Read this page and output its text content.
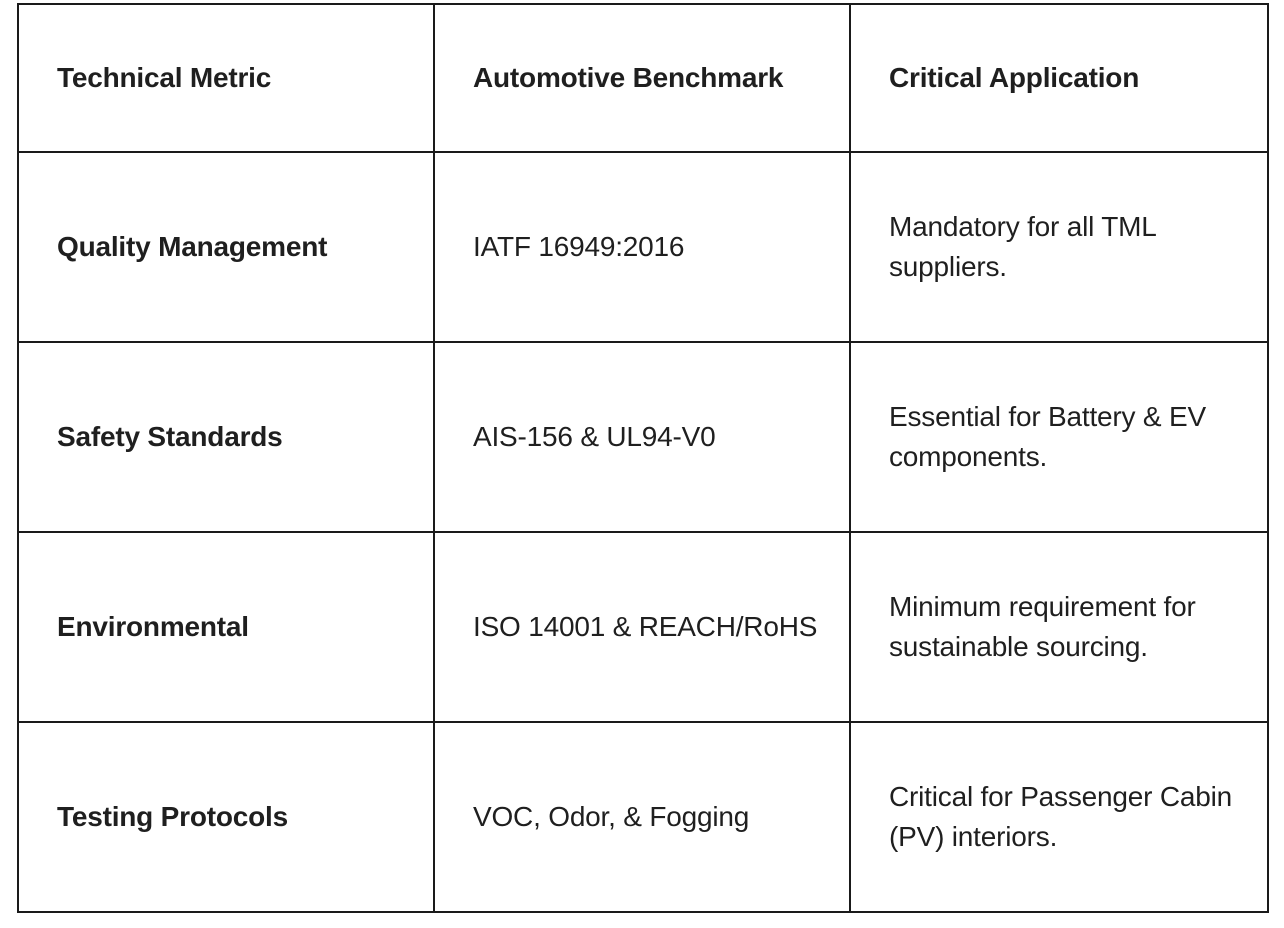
Technical Metric	Automotive Benchmark	Critical Application
Quality Management	IATF 16949:2016	Mandatory for all TML suppliers.
Safety Standards	AIS-156 & UL94-V0	Essential for Battery & EV components.
Environmental	ISO 14001 & REACH/RoHS	Minimum requirement for sustainable sourcing.
Testing Protocols	VOC, Odor, & Fogging	Critical for Passenger Cabin (PV) interiors.
